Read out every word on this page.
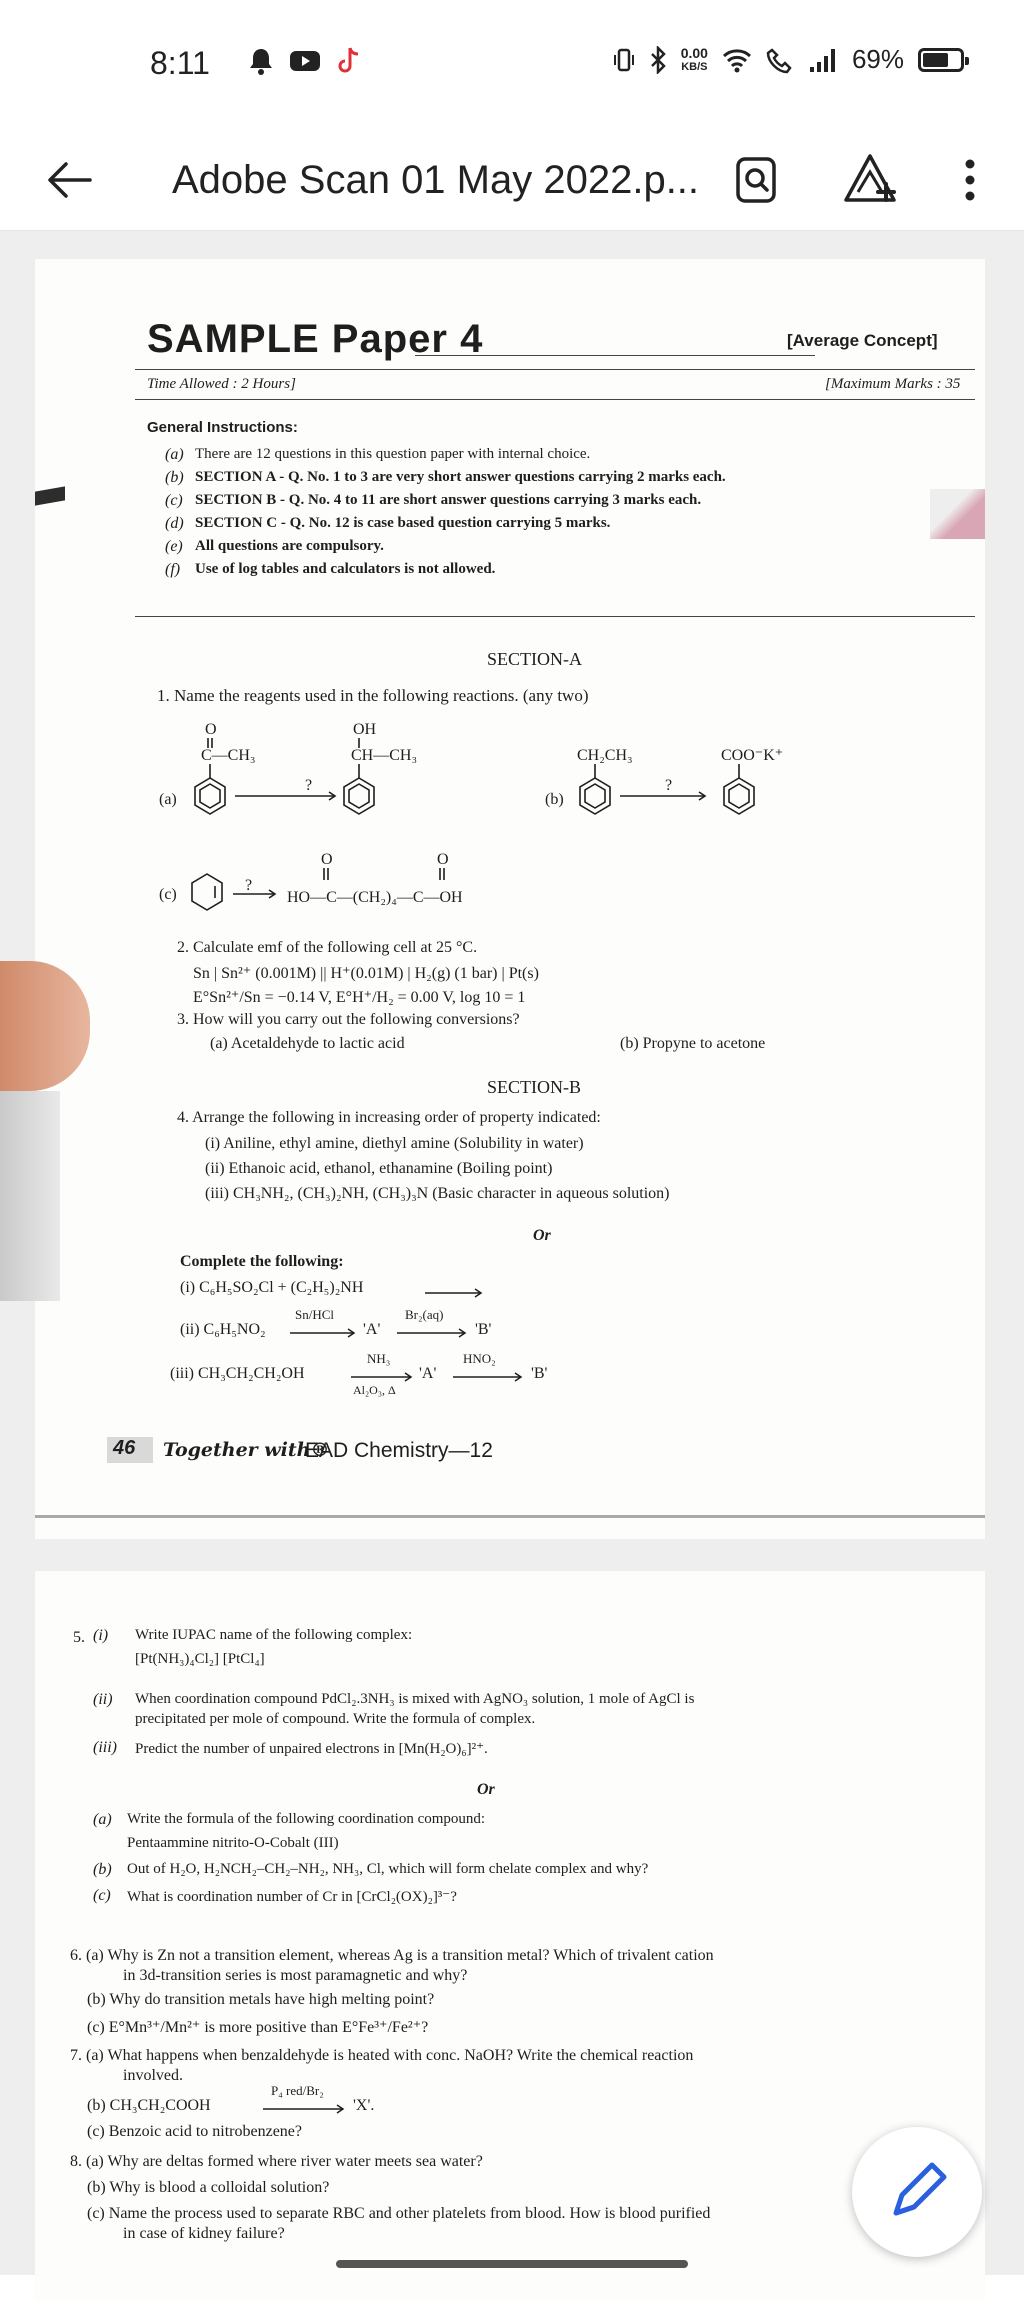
8:11	0.00
KB/S	69%
Adobe Scan 01 May 2022.p...
SAMPLE Paper 4	[Average Concept]
Time Allowed : 2 Hours]	[Maximum Marks : 35
General Instructions:
SECTION-A
1. Name the reagents used in the following reactions. (any two)
(a)
O
C—CH₃
?
OH
CH—CH₃
(b)
CH₂CH₃
?
COO⁻K⁺
(c)
?
O	O
HO—C—(CH₂)₄—C—OH
2. Calculate emf of the following cell at 25 °C.
Sn | Sn²⁺ (0.001M) || H⁺(0.01M) | H₂(g) (1 bar) | Pt(s)
E°Sn²⁺/Sn = −0.14 V, E°H⁺/H₂ = 0.00 V, log 10 = 1
3. How will you carry out the following conversions?
(a) Acetaldehyde to lactic acid	(b) Propyne to acetone
SECTION-B
4. Arrange the following in increasing order of property indicated:
Or
Complete the following:
(i) C₆H₅SO₂Cl + (C₂H₅)₂NH
(ii) C₆H₅NO₂
Sn/HCl
'A'
Br₂(aq)
'B'
(iii) CH₃CH₂CH₂OH
NH₃
Al₂O₃, Δ
'A'
HNO₂
'B'
46 Together with®
EAD Chemistry—12
(a) There are 12 questions in this question paper with internal choice.
(b) SECTION A - Q. No. 1 to 3 are very short answer questions carrying 2 marks each.
(c) SECTION B - Q. No. 4 to 11 are short answer questions carrying 3 marks each.
(d) SECTION C - Q. No. 12 is case based question carrying 5 marks.
(e) All questions are compulsory.
(f) Use of log tables and calculators is not allowed.
(i) Aniline, ethyl amine, diethyl amine (Solubility in water)
(ii) Ethanoic acid, ethanol, ethanamine (Boiling point)
(iii) CH₃NH₂, (CH₃)₂NH, (CH₃)₃N (Basic character in aqueous solution)
5.
Or
6. (a) Why is Zn not a transition element, whereas Ag is a transition metal? Which of trivalent cation
in 3d-transition series is most paramagnetic and why?
(b) Why do transition metals have high melting point?
(c) E°Mn³⁺/Mn²⁺ is more positive than E°Fe³⁺/Fe²⁺?
7. (a) What happens when benzaldehyde is heated with conc. NaOH? Write the chemical reaction
involved.
(b) CH₃CH₂COOH
P₄ red/Br₂
'X'.
(c) Benzoic acid to nitrobenzene?
8. (a) Why are deltas formed where river water meets sea water?
(b) Why is blood a colloidal solution?
(c) Name the process used to separate RBC and other platelets from blood. How is blood purified
in case of kidney failure?
(i) Write IUPAC name of the following complex:
[Pt(NH₃)₄Cl₂] [PtCl₄]
(ii) When coordination compound PdCl₂.3NH₃ is mixed with AgNO₃ solution, 1 mole of AgCl is
precipitated per mole of compound. Write the formula of complex.
(iii) Predict the number of unpaired electrons in [Mn(H₂O)₆]²⁺.
(a) Write the formula of the following coordination compound:
Pentaammine nitrito-O-Cobalt (III)
(b) Out of H₂O, H₂NCH₂–CH₂–NH₂, NH₃, Cl, which will form chelate complex and why?
(c) What is coordination number of Cr in [CrCl₂(OX)₂]³⁻?
